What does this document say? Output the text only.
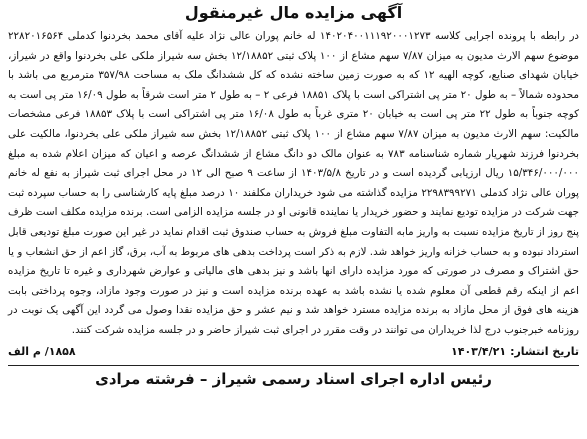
آگهی مزایده مال غیرمنقول

در رابطه با پرونده اجرایی کلاسه ۱۴۰۲۰۴۰۰۱۱۱۹۲۰۰۰۱۲۷۳ له خانم پوران عالی نژاد علیه آقای محمد بخردنوا کدملی ۲۲۸۲۰۱۶۵۶۴ موضوع سهم الارث مدیون به میزان ۷/۸۷ سهم مشاع از ۱۰۰ پلاک ثبتی ۱۲/۱۸۸۵۲ بخش سه شیراز ملکی علی بخردنوا واقع در شیراز، خیابان شهدای صنایع، کوچه الهیه ۱۲ که به صورت زمین ساخته نشده که کل ششدانگ ملک به مساحت ۳۵۷/۹۸ مترمربع می باشد با محدوده شمالاً – به طول ۲۰ متر پی اشتراکی است با پلاک ۱۸۸۵۱ فرعی ۲ – به طول ۲ متر است شرقاً به طول ۱۶/۰۹ متر پی است به کوچه جنوباً به طول ۲۲ متر پی است به خیابان ۲۰ متری غرباً به طول ۱۶/۰۸ متر پی اشتراکی است با پلاک ۱۸۸۵۳ فرعی مشخصات مالکیت: سهم الارث مدیون به میزان ۷/۸۷ سهم مشاع از ۱۰۰ پلاک ثبتی ۱۲/۱۸۸۵۲ بخش سه شیراز ملکی علی بخردنوا، مالکیت علی بخردنوا فرزند شهریار شماره شناسنامه ۷۸۳ به عنوان مالک دو دانگ مشاع از ششدانگ عرصه و اعیان که میزان اعلام شده به مبلغ ۱۵/۳۴۶/۰۰۰/۰۰۰ ریال ارزیابی گردیده است و در تاریخ ۱۴۰۳/۵/۸ از ساعت ۹ صبح الی ۱۲ در محل اجرای ثبت شیراز به نفع له خانم پوران عالی نژاد کدملی ۲۲۹۸۳۹۹۲۷۱ مزایده گذاشته می شود خریداران مکلفند ۱۰ درصد مبلغ پایه کارشناسی را به حساب سپرده ثبت جهت شرکت در مزایده تودیع نمایند و حضور خریدار یا نماینده قانونی او در جلسه مزایده الزامی است. برنده مزایده مکلف است ظرف پنج روز از تاریخ مزایده نسبت به واریز مابه التفاوت مبلغ فروش به حساب صندوق ثبت اقدام نماید در غیر این صورت مبلغ تودیعی قابل استرداد نبوده و به حساب خزانه واریز خواهد شد. لازم به ذکر است پرداخت بدهی های مربوط به آب، برق، گاز اعم از حق انشعاب و یا حق اشتراک و مصرف در صورتی که مورد مزایده دارای انها باشد و نیز بدهی های مالیاتی و عوارض شهرداری و غیره تا تاریخ مزایده اعم از اینکه رقم قطعی آن معلوم شده یا نشده باشد به عهده برنده مزایده است و نیز در صورت وجود مازاد، وجوه پرداختی بابت هزینه های فوق از محل مازاد به برنده مزایده مسترد خواهد شد و نیم عشر و حق مزایده نقدا وصول می گردد این آگهی یک نوبت در روزنامه خبرجنوب درج لذا خریداران می توانند در وقت مقرر در اجرای ثبت شیراز حاضر و در جلسه مزایده شرکت کنند.

تاریخ انتشار:
۱۴۰۳/۴/۲۱
۱۸۵۸/ م الف
رئیس اداره اجرای اسناد رسمی شیراز – فرشته مرادی
